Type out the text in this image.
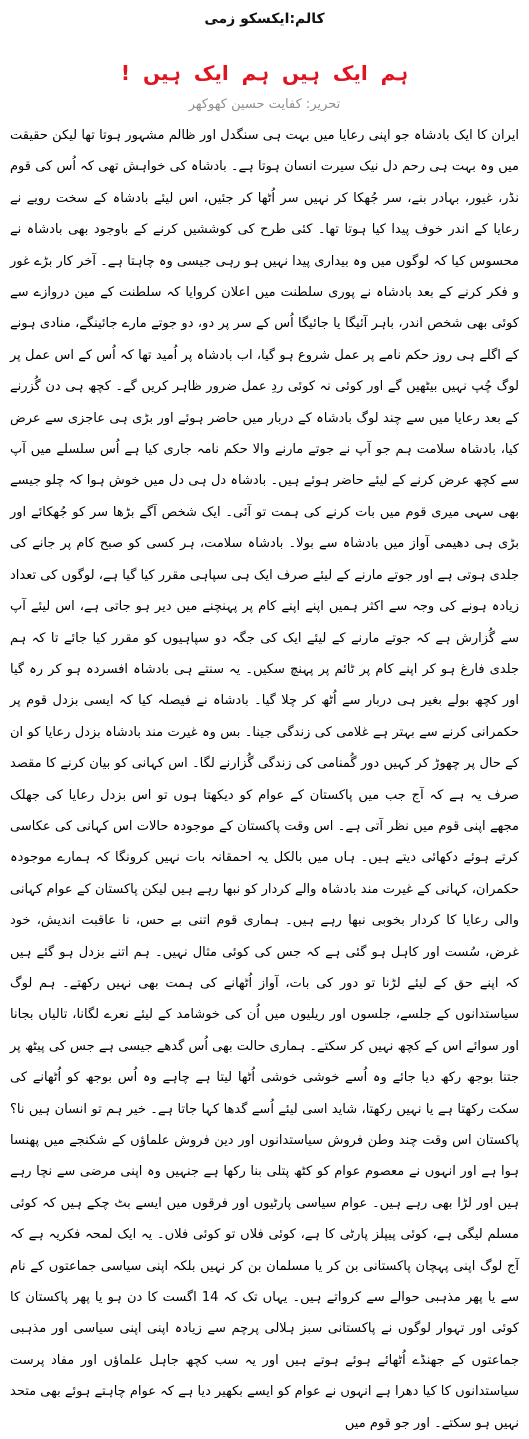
کالم:ایکسکو زمی
ہم ایک ہیں ہم ایک ہیں !
تحریر: کفایت حسین کھوکھر

ایران کا ایک بادشاہ جو اپنی رعایا میں بہت ہی سنگدل اور ظالم مشہور ہوتا تھا لیکن حقیقت میں وہ بہت ہی رحم دل نیک سیرت انسان ہوتا ہے۔ بادشاہ کی خواہش تھی کہ اُس کی قوم نڈر، غیور، بہادر بنے، سر جُھکا کر نہیں سر اُٹھا کر جئیں، اس لیئے بادشاہ کے سخت رویے نے رعایا کے اندر خوف پیدا کیا ہوتا تھا۔ کئی طرح کی کوششیں کرنے کے باوجود بھی بادشاہ نے محسوس کیا کہ لوگوں میں وہ بیداری پیدا نہیں ہو رہی جیسی وہ چاہتا ہے۔ آخر کار بڑے غور و فکر کرنے کے بعد بادشاہ نے پوری سلطنت میں اعلان کروایا کہ سلطنت کے مین دروازے سے کوئی بھی شخص اندر، باہر آئیگا یا جائیگا اُس کے سر پر دو، دو جوتے مارے جائینگے، منادی ہونے کے اگلے ہی روز حکم نامے پر عمل شروع ہو گیا، اب بادشاہ پر اُمید تھا کہ اُس کے اس عمل پر لوگ چُپ نہیں بیٹھیں گے اور کوئی نہ کوئی ردِ عمل ضرور ظاہر کریں گے۔ کچھ ہی دن گُزرنے کے بعد رعایا میں سے چند لوگ بادشاہ کے دربار میں حاضر ہوئے اور بڑی ہی عاجزی سے عرض کیا، بادشاہ سلامت ہم جو آپ نے جوتے مارنے والا حکم نامہ جاری کیا ہے اُس سلسلے میں آپ سے کچھ عرض کرنے کے لیئے حاضر ہوئے ہیں۔ بادشاہ دل ہی دل میں خوش ہوا کہ چلو جیسے بھی سہی میری قوم میں بات کرنے کی ہمت تو آئی۔ ایک شخص آگے بڑھا سر کو جُھکائے اور بڑی ہی دھیمی آواز میں بادشاہ سے بولا۔ بادشاہ سلامت، ہر کسی کو صبح کام پر جانے کی جلدی ہوتی ہے اور جوتے مارنے کے لیئے صرف ایک ہی سپاہی مقرر کیا گیا ہے، لوگوں کی تعداد زیادہ ہونے کی وجہ سے اکثر ہمیں اپنے اپنے کام پر پہنچنے میں دیر ہو جاتی ہے، اس لیئے آپ سے گُزارش ہے کہ جوتے مارنے کے لیئے ایک کی جگہ دو سپاہیوں کو مقرر کیا جائے تا کہ ہم جلدی فارغ ہو کر اپنے کام پر ٹائم پر پہنچ سکیں۔ یہ سنتے ہی بادشاہ افسردہ ہو کر رہ گیا اور کچھ بولے بغیر ہی دربار سے اُٹھ کر چلا گیا۔ بادشاہ نے فیصلہ کیا کہ ایسی بزدل قوم پر حکمرانی کرنے سے بہتر ہے غلامی کی زندگی جینا۔ بس وہ غیرت مند بادشاہ بزدل رعایا کو ان کے حال پر چھوڑ کر کہیں دور گُمنامی کی زندگی گُزارنے لگا۔ اس کہانی کو بیان کرنے کا مقصد صرف یہ ہے کہ آج جب میں پاکستان کے عوام کو دیکھتا ہوں تو اس بزدل رعایا کی جھلک مجھے اپنی قوم میں نظر آتی ہے۔ اس وقت پاکستان کے موجودہ حالات اس کہانی کی عکاسی کرتے ہوئے دکھائی دیتے ہیں۔ ہاں میں بالکل یہ احمقانہ بات نہیں کرونگا کہ ہمارے موجودہ حکمران، کہانی کے غیرت مند بادشاہ والے کردار کو نبھا رہے ہیں لیکن پاکستان کے عوام کہانی والی رعایا کا کردار بخوبی نبھا رہے ہیں۔ ہماری قوم اتنی بے حس، نا عاقبت اندیش، خود غرض، سُست اور کاہل ہو گئی ہے کہ جس کی کوئی مثال نہیں۔ ہم اتنے بزدل ہو گئے ہیں کہ اپنے حق کے لیئے لڑنا تو دور کی بات، آواز اُٹھانے کی ہمت بھی نہیں رکھتے۔ ہم لوگ سیاستدانوں کے جلسے، جلسوں اور ریلیوں میں اُن کی خوشامد کے لیئے نعرے لگانا، تالیاں بجانا اور سوائے اس کے کچھ نہیں کر سکتے۔ ہماری حالت بھی اُس گدھے جیسی ہے جس کی پیٹھ پر جتنا بوجھ رکھ دیا جائے وہ اُسے خوشی خوشی اُٹھا لیتا ہے چاہے وہ اُس بوجھ کو اُٹھانے کی سکت رکھتا ہے یا نہیں رکھتا، شاید اسی لیئے اُسے گدھا کہا جاتا ہے۔ خیر ہم تو انسان ہیں نا؟ پاکستان اس وقت چند وطن فروش سیاستدانوں اور دین فروش علماؤں کے شکنجے میں پھنسا ہوا ہے اور انہوں نے معصوم عوام کو کٹھ پتلی بنا رکھا ہے جنہیں وہ اپنی مرضی سے نچا رہے ہیں اور لڑا بھی رہے ہیں۔ عوام سیاسی پارٹیوں اور فرقوں میں ایسے بٹ چکے ہیں کہ کوئی مسلم لیگی ہے، کوئی پیپلز پارٹی کا ہے، کوئی فلاں تو کوئی فلاں۔ یہ ایک لمحہ فکریہ ہے کہ آج لوگ اپنی پہچان پاکستانی بن کر یا مسلمان بن کر نہیں بلکہ اپنی سیاسی جماعتوں کے نام سے یا پھر مذہبی حوالے سے کرواتے ہیں۔ یہاں تک کہ 14 اگست کا دن ہو یا پھر پاکستان کا کوئی اور تہوار لوگوں نے پاکستانی سبز ہلالی پرچم سے زیادہ اپنی اپنی سیاسی اور مذہبی جماعتوں کے جھنڈے اُٹھائے ہوئے ہوتے ہیں اور یہ سب کچھ جاہل علماؤں اور مفاد پرست سیاستدانوں کا کیا دھرا ہے انہوں نے عوام کو ایسے بکھیر دیا ہے کہ عوام چاہتے ہوئے بھی متحد نہیں ہو سکتے۔ اور جو قوم میں
